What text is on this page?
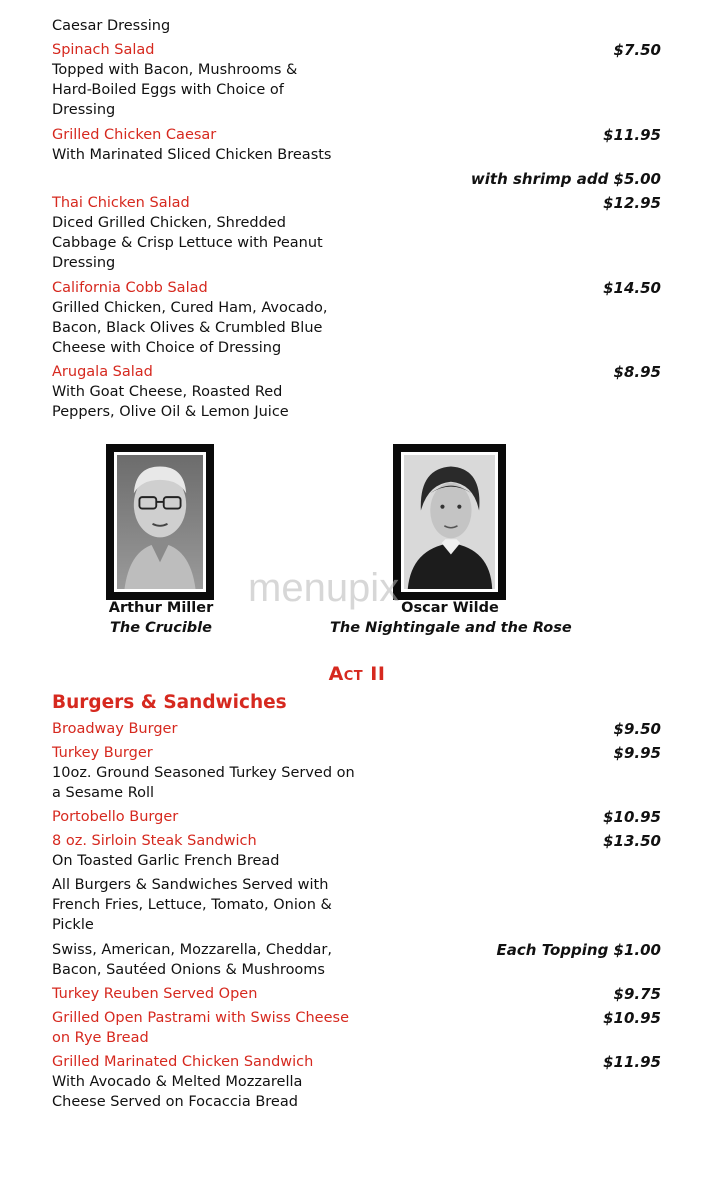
Caesar Dressing
Spinach Salad	$7.50
Topped with Bacon, Mushrooms &
Hard-Boiled Eggs with Choice of
Dressing
Grilled Chicken Caesar	$11.95
With Marinated Sliced Chicken Breasts
with shrimp add $5.00
Thai Chicken Salad	$12.95
Diced Grilled Chicken, Shredded
Cabbage & Crisp Lettuce with Peanut
Dressing
California Cobb Salad	$14.50
Grilled Chicken, Cured Ham, Avocado,
Bacon, Black Olives & Crumbled Blue
Cheese with Choice of Dressing
Arugala Salad	$8.95
With Goat Cheese, Roasted Red
Peppers, Olive Oil & Lemon Juice
menupix
Arthur Miller
The Crucible
Oscar Wilde
The Nightingale and the Rose
Act II
Burgers & Sandwiches
Broadway Burger	$9.50
Turkey Burger	$9.95
10oz. Ground Seasoned Turkey Served on
a Sesame Roll
Portobello Burger	$10.95
8 oz. Sirloin Steak Sandwich	$13.50
On Toasted Garlic French Bread
All Burgers & Sandwiches Served with
French Fries, Lettuce, Tomato, Onion &
Pickle
Swiss, American, Mozzarella, Cheddar,	Each Topping $1.00
Bacon, Sautéed Onions & Mushrooms
Turkey Reuben Served Open	$9.75
Grilled Open Pastrami with Swiss Cheese	$10.95
on Rye Bread
Grilled Marinated Chicken Sandwich	$11.95
With Avocado & Melted Mozzarella
Cheese Served on Focaccia Bread
